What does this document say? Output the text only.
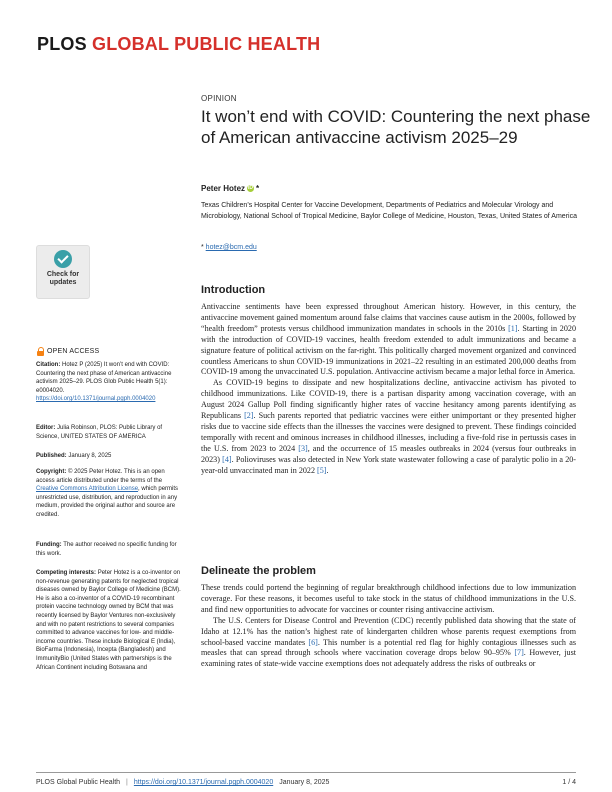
PLOS GLOBAL PUBLIC HEALTH
OPINION
It won’t end with COVID: Countering the next phase of American antivaccine activism 2025–29
Peter Hotez iD *
Texas Children’s Hospital Center for Vaccine Development, Departments of Pediatrics and Molecular Virology and Microbiology, National School of Tropical Medicine, Baylor College of Medicine, Houston, Texas, United States of America
* hotez@bcm.edu
Check for
updates
OPEN ACCESS
Citation: Hotez P (2025) It won’t end with COVID: Countering the next phase of American antivaccine activism 2025–29. PLOS Glob Public Health 5(1): e0004020. https://doi.org/10.1371/journal.pgph.0004020
Editor: Julia Robinson, PLOS: Public Library of Science, UNITED STATES OF AMERICA
Published: January 8, 2025
Copyright: © 2025 Peter Hotez. This is an open access article distributed under the terms of the Creative Commons Attribution License, which permits unrestricted use, distribution, and reproduction in any medium, provided the original author and source are credited.
Funding: The author received no specific funding for this work.
Competing interests: Peter Hotez is a co-inventor on non-revenue generating patents for neglected tropical diseases owned by Baylor College of Medicine (BCM). He is also a co-inventor of a COVID-19 recombinant protein vaccine technology owned by BCM that was recently licensed by Baylor Ventures non-exclusively and with no patent restrictions to several companies committed to advance vaccines for low- and middle-income countries. These include Biological E (India), BioFarma (Indonesia), Incepta (Bangladesh) and ImmunityBio (United States with partnerships is the African Continent including Botswana and
Introduction

Antivaccine sentiments have been expressed throughout American history. However, in this century, the antivaccine movement gained momentum around false claims that vaccines cause autism in the 2000s, followed by “health freedom” protests versus childhood immunization mandates in schools in the 2010s [1]. Starting in 2020 with the introduction of COVID-19 vaccines, health freedom extended to adult immunizations and became a signature feature of political activism on the far-right. This politically charged movement organized and convinced countless Americans to shun COVID-19 immunizations in 2021–22 resulting in an estimated 200,000 deaths from COVID-19 among the unvaccinated U.S. population. Antivaccine activism became a major lethal force in America.

As COVID-19 begins to dissipate and new hospitalizations decline, antivaccine activism has pivoted to childhood immunizations. Like COVID-19, there is a partisan disparity among vaccination coverage, with an August 2024 Gallup Poll finding significantly higher rates of vaccine hesitancy among parents identifying as Republicans [2]. Such parents reported that pediatric vaccines were either unimportant or they presented higher risks due to vaccine side effects than the illnesses the vaccines were designed to prevent. These findings coincided temporally with recent and ominous increases in childhood illnesses, including a five-fold rise in pertussis cases in the U.S. from 2023 to 2024 [3], and the occurrence of 15 measles outbreaks in 2024 (versus four outbreaks in 2023) [4]. Polioviruses was also detected in New York state wastewater following a case of paralytic polio in a 20-year-old unvaccinated man in 2022 [5].

Delineate the problem

These trends could portend the beginning of regular breakthrough childhood infections due to low immunization coverage. For these reasons, it becomes useful to take stock in the status of childhood immunizations in the U.S. and find new opportunities to advocate for vaccines or counter rising antivaccine activism.

The U.S. Centers for Disease Control and Prevention (CDC) recently published data showing that the state of Idaho at 12.1% has the nation’s highest rate of kindergarten children whose parents request exemptions from school-based vaccine mandates [6]. This number is a potential red flag for highly contagious illnesses such as measles that can spread through schools where vaccination coverage drops below 90–95% [7]. However, just examining rates of state-wide vaccine exemptions does not adequately address the risks of outbreaks or

PLOS Global Public Health | https://doi.org/10.1371/journal.pgph.0004020 January 8, 2025	1 / 4
